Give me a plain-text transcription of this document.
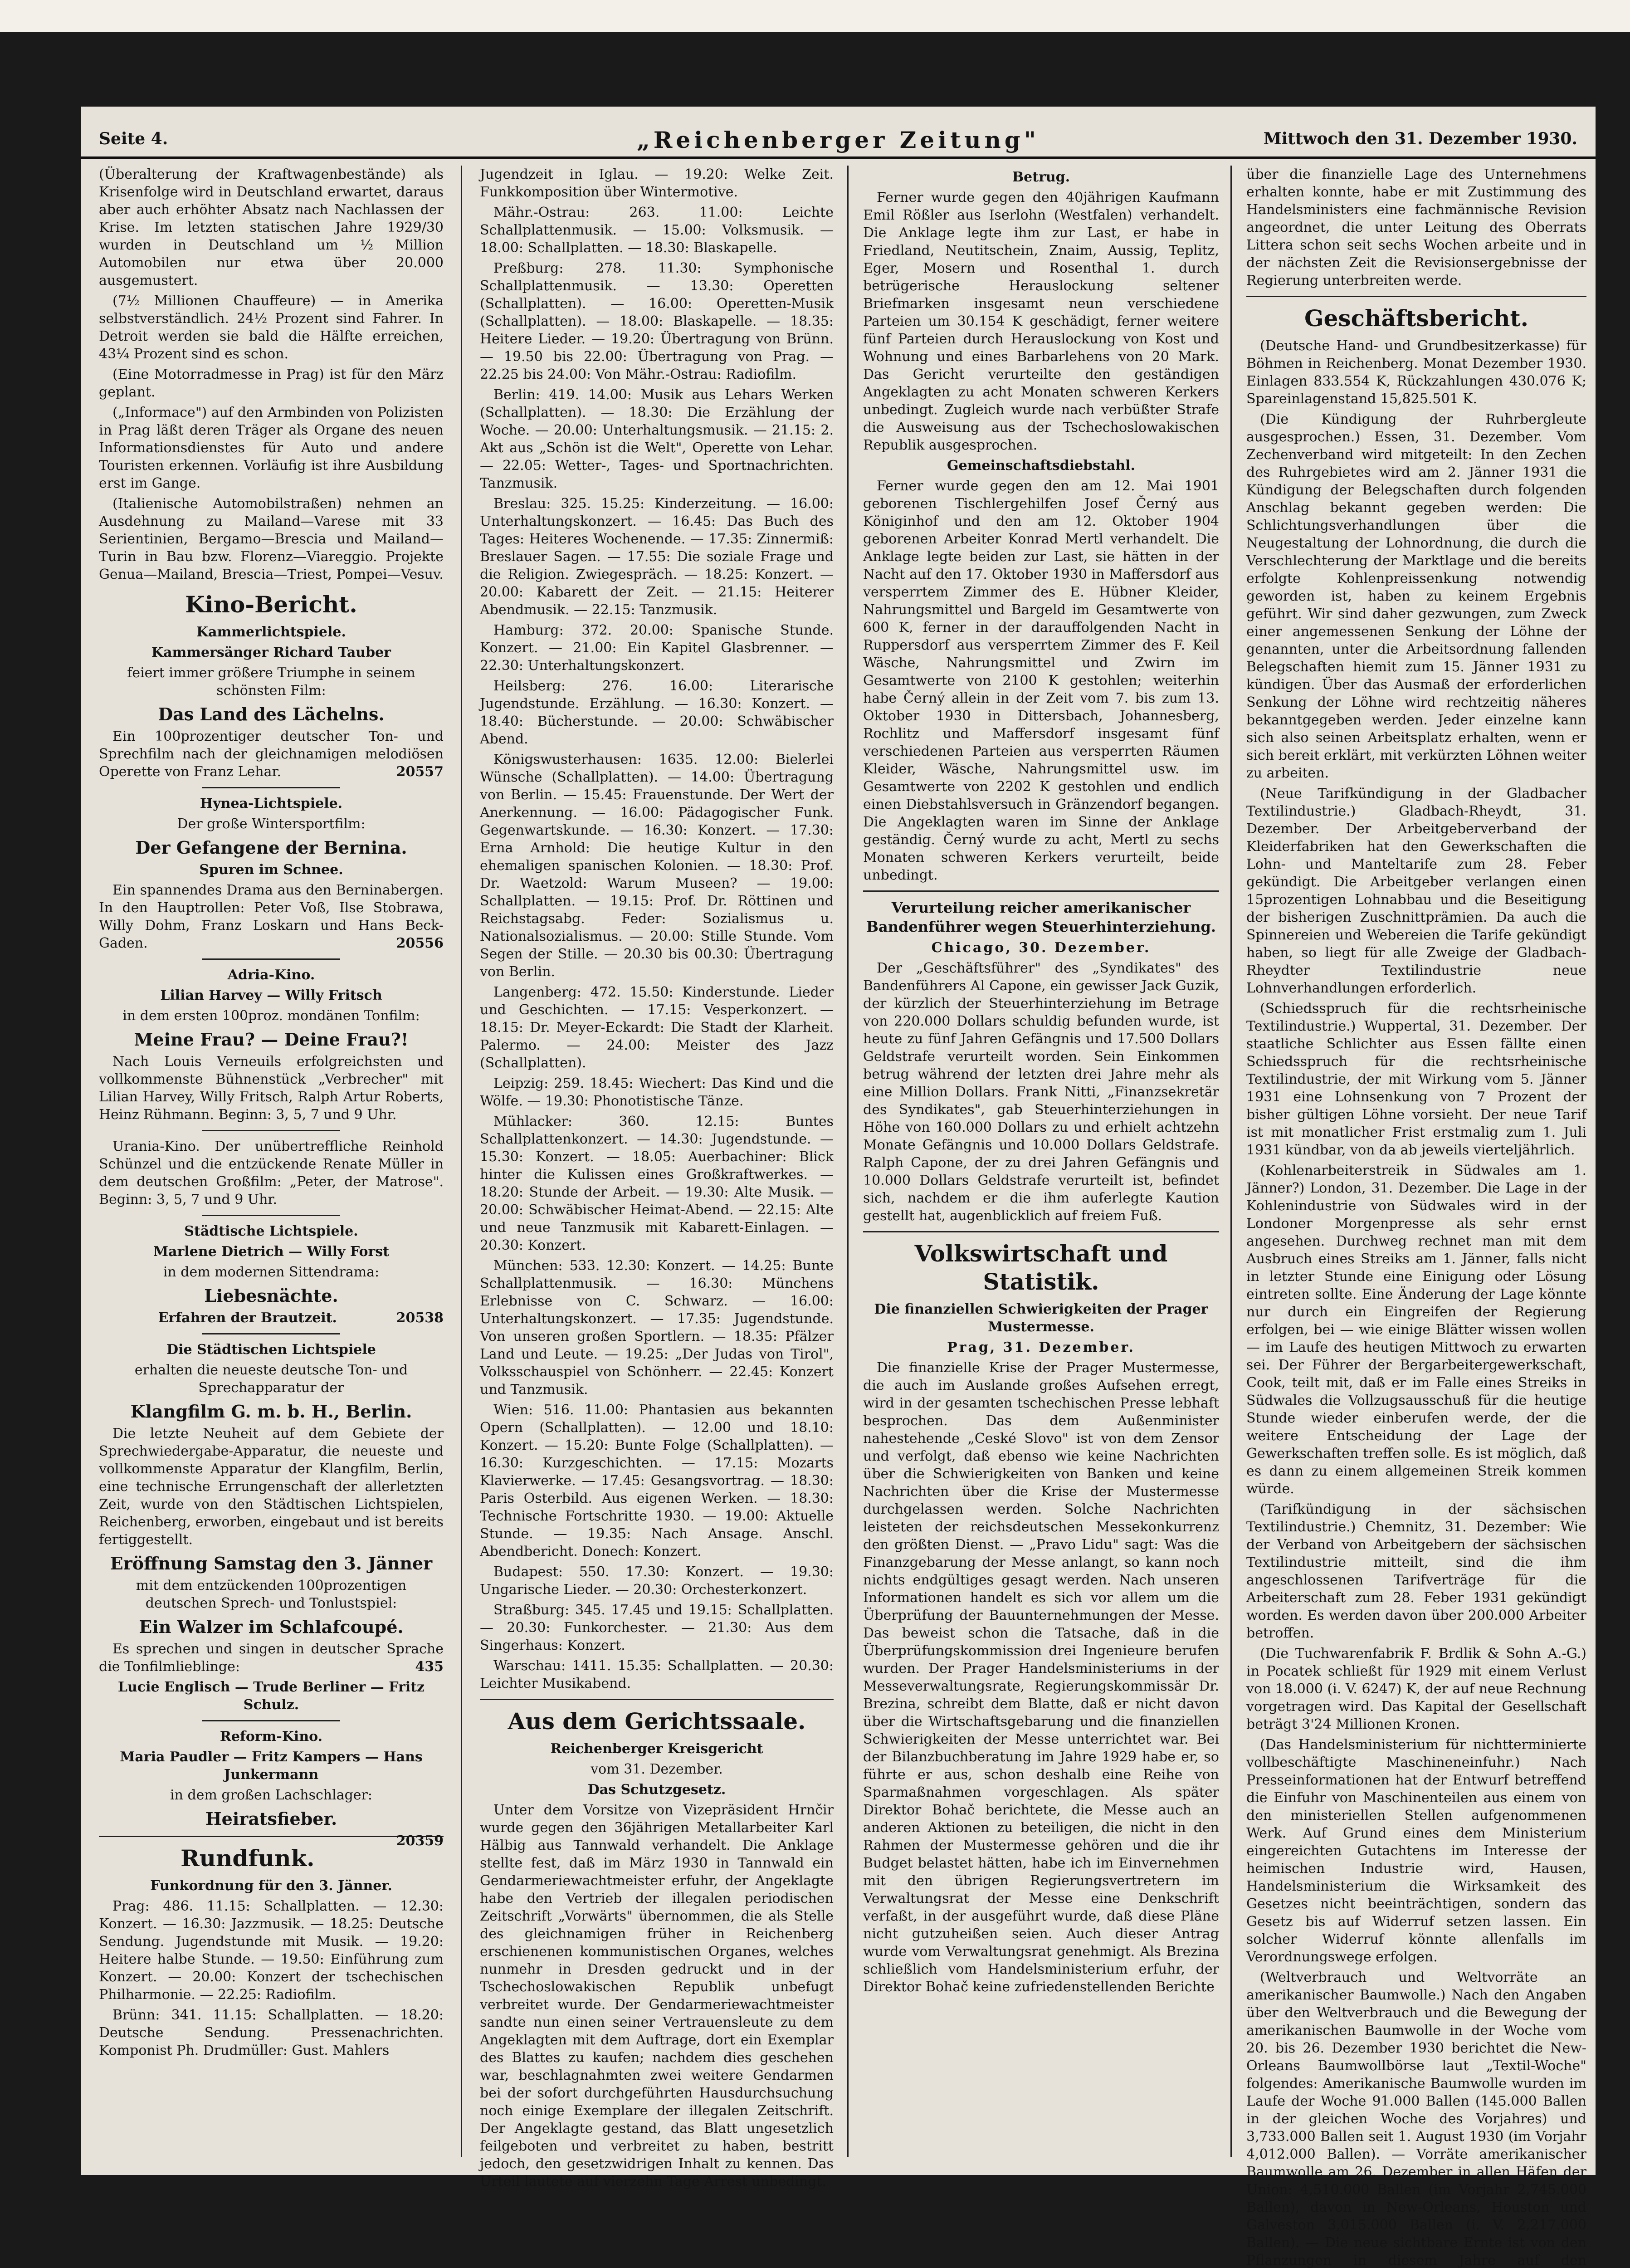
Seite 4.	„Reichenberger Zeitung"	Mittwoch den 31. Dezember 1930.

(Überalterung der Kraftwagenbestände) als Krisenfolge wird in Deutschland erwartet, daraus aber auch erhöhter Absatz nach Nachlassen der Krise. Im letzten statischen Jahre 1929/30 wurden in Deutschland um ½ Million Automobilen nur etwa über 20.000 ausgemustert.

(7½ Millionen Chauffeure) — in Amerika selbstverständlich. 24½ Prozent sind Fahrer. In Detroit werden sie bald die Hälfte erreichen, 43¼ Prozent sind es schon.

(Eine Motorradmesse in Prag) ist für den März geplant.

(„Informace") auf den Armbinden von Polizisten in Prag läßt deren Träger als Organe des neuen Informationsdienstes für Auto und andere Touristen erkennen. Vorläufig ist ihre Ausbildung erst im Gange.

(Italienische Automobilstraßen) nehmen an Ausdehnung zu Mailand—Varese mit 33 Serientinien, Bergamo—Brescia und Mailand—Turin in Bau bzw. Florenz—Viareggio. Projekte Genua—Mailand, Brescia—Triest, Pompei—Vesuv.

Kino-Bericht.
Kammerlichtspiele.

Kammersänger Richard Tauber

feiert immer größere Triumphe in seinem schönsten Film:

Das Land des Lächelns.

Ein 100prozentiger deutscher Ton- und Sprechfilm nach der gleichnamigen melodiösen Operette von Franz Lehar.	20557

Hynea-Lichtspiele.

Der große Wintersportfilm:

Der Gefangene der Bernina.

Spuren im Schnee.

Ein spannendes Drama aus den Berninabergen. In den Hauptrollen: Peter Voß, Ilse Stobrawa, Willy Dohm, Franz Loskarn und Hans Beck-Gaden.	20556

Adria-Kino.

Lilian Harvey — Willy Fritsch

in dem ersten 100proz. mondänen Tonfilm:

Meine Frau? — Deine Frau?!

Nach Louis Verneuils erfolgreichsten und vollkommenste Bühnenstück „Verbrecher" mit Lilian Harvey, Willy Fritsch, Ralph Artur Roberts, Heinz Rühmann. Beginn: 3, 5, 7 und 9 Uhr.

Urania-Kino. Der unübertreffliche Reinhold Schünzel und die entzückende Renate Müller in dem deutschen Großfilm: „Peter, der Matrose". Beginn: 3, 5, 7 und 9 Uhr.

Städtische Lichtspiele.

Marlene Dietrich — Willy Forst

in dem modernen Sittendrama:

Liebesnächte.

Erfahren der Brautzeit.	20538

Die Städtischen Lichtspiele

erhalten die neueste deutsche Ton- und Sprechapparatur der

Klangfilm G. m. b. H., Berlin.

Die letzte Neuheit auf dem Gebiete der Sprechwiedergabe-Apparatur, die neueste und vollkommenste Apparatur der Klangfilm, Berlin, eine technische Errungenschaft der allerletzten Zeit, wurde von den Städtischen Lichtspielen, Reichenberg, erworben, eingebaut und ist bereits fertiggestellt.

Eröffnung Samstag den 3. Jänner

mit dem entzückenden 100prozentigen deutschen Sprech- und Tonlustspiel:

Ein Walzer im Schlafcoupé.

Es sprechen und singen in deutscher Sprache die Tonfilmlieblinge:	435

Lucie Englisch — Trude Berliner — Fritz Schulz.

Reform-Kino.

Maria Paudler — Fritz Kampers — Hans Junkermann

in dem großen Lachschlager:

Heiratsfieber.

20359

Rundfunk.
Funkordnung für den 3. Jänner.

Prag: 486. 11.15: Schallplatten. — 12.30: Konzert. — 16.30: Jazzmusik. — 18.25: Deutsche Sendung. Jugendstunde mit Musik. — 19.20: Heitere halbe Stunde. — 19.50: Einführung zum Konzert. — 20.00: Konzert der tschechischen Philharmonie. — 22.25: Radiofilm.

Brünn: 341. 11.15: Schallplatten. — 18.20: Deutsche Sendung. Pressenachrichten. Komponist Ph. Drudmüller: Gust. Mahlers

Jugendzeit in Iglau. — 19.20: Welke Zeit. Funkkomposition über Wintermotive.

Mähr.-Ostrau: 263. 11.00: Leichte Schallplattenmusik. — 15.00: Volksmusik. — 18.00: Schallplatten. — 18.30: Blaskapelle.

Preßburg: 278. 11.30: Symphonische Schallplattenmusik. — 13.30: Operetten (Schallplatten). — 16.00: Operetten-Musik (Schallplatten). — 18.00: Blaskapelle. — 18.35: Heitere Lieder. — 19.20: Übertragung von Brünn. — 19.50 bis 22.00: Übertragung von Prag. — 22.25 bis 24.00: Von Mähr.-Ostrau: Radiofilm.

Berlin: 419. 14.00: Musik aus Lehars Werken (Schallplatten). — 18.30: Die Erzählung der Woche. — 20.00: Unterhaltungsmusik. — 21.15: 2. Akt aus „Schön ist die Welt", Operette von Lehar. — 22.05: Wetter-, Tages- und Sportnachrichten. Tanzmusik.

Breslau: 325. 15.25: Kinderzeitung. — 16.00: Unterhaltungskonzert. — 16.45: Das Buch des Tages: Heiteres Wochenende. — 17.35: Zinnermiß: Breslauer Sagen. — 17.55: Die soziale Frage und die Religion. Zwiegespräch. — 18.25: Konzert. — 20.00: Kabarett der Zeit. — 21.15: Heiterer Abendmusik. — 22.15: Tanzmusik.

Hamburg: 372. 20.00: Spanische Stunde. Konzert. — 21.00: Ein Kapitel Glasbrenner. — 22.30: Unterhaltungskonzert.

Heilsberg: 276. 16.00: Literarische Jugendstunde. Erzählung. — 16.30: Konzert. — 18.40: Bücherstunde. — 20.00: Schwäbischer Abend.

Königswusterhausen: 1635. 12.00: Bielerlei Wünsche (Schallplatten). — 14.00: Übertragung von Berlin. — 15.45: Frauenstunde. Der Wert der Anerkennung. — 16.00: Pädagogischer Funk. Gegenwartskunde. — 16.30: Konzert. — 17.30: Erna Arnhold: Die heutige Kultur in den ehemaligen spanischen Kolonien. — 18.30: Prof. Dr. Waetzold: Warum Museen? — 19.00: Schallplatten. — 19.15: Prof. Dr. Röttinen und Reichstagsabg. Feder: Sozialismus u. Nationalsozialismus. — 20.00: Stille Stunde. Vom Segen der Stille. — 20.30 bis 00.30: Übertragung von Berlin.

Langenberg: 472. 15.50: Kinderstunde. Lieder und Geschichten. — 17.15: Vesperkonzert. — 18.15: Dr. Meyer-Eckardt: Die Stadt der Klarheit. Palermo. — 24.00: Meister des Jazz (Schallplatten).

Leipzig: 259. 18.45: Wiechert: Das Kind und die Wölfe. — 19.30: Phonotistische Tänze.

Mühlacker: 360. 12.15: Buntes Schallplattenkonzert. — 14.30: Jugendstunde. — 15.30: Konzert. — 18.05: Auerbachiner: Blick hinter die Kulissen eines Großkraftwerkes. — 18.20: Stunde der Arbeit. — 19.30: Alte Musik. — 20.00: Schwäbischer Heimat-Abend. — 22.15: Alte und neue Tanzmusik mit Kabarett-Einlagen. — 20.30: Konzert.

München: 533. 12.30: Konzert. — 14.25: Bunte Schallplattenmusik. — 16.30: Münchens Erlebnisse von C. Schwarz. — 16.00: Unterhaltungskonzert. — 17.35: Jugendstunde. Von unseren großen Sportlern. — 18.35: Pfälzer Land und Leute. — 19.25: „Der Judas von Tirol", Volksschauspiel von Schönherr. — 22.45: Konzert und Tanzmusik.

Wien: 516. 11.00: Phantasien aus bekannten Opern (Schallplatten). — 12.00 und 18.10: Konzert. — 15.20: Bunte Folge (Schallplatten). — 16.30: Kurzgeschichten. — 17.15: Mozarts Klavierwerke. — 17.45: Gesangsvortrag. — 18.30: Paris Osterbild. Aus eigenen Werken. — 18.30: Technische Fortschritte 1930. — 19.00: Aktuelle Stunde. — 19.35: Nach Ansage. Anschl. Abendbericht. Donech: Konzert.

Budapest: 550. 17.30: Konzert. — 19.30: Ungarische Lieder. — 20.30: Orchesterkonzert.

Straßburg: 345. 17.45 und 19.15: Schallplatten. — 20.30: Funkorchester. — 21.30: Aus dem Singerhaus: Konzert.

Warschau: 1411. 15.35: Schallplatten. — 20.30: Leichter Musikabend.

Aus dem Gerichtssaale.
Reichenberger Kreisgericht
vom 31. Dezember.
Das Schutzgesetz.

Unter dem Vorsitze von Vizepräsident Hrnčir wurde gegen den 36jährigen Metallarbeiter Karl Hälbig aus Tannwald verhandelt. Die Anklage stellte fest, daß im März 1930 in Tannwald ein Gendarmeriewachtmeister erfuhr, der Angeklagte habe den Vertrieb der illegalen periodischen Zeitschrift „Vorwärts" übernommen, die als Stelle des gleichnamigen früher in Reichenberg erschienenen kommunistischen Organes, welches nunmehr in Dresden gedruckt und in der Tschechoslowakischen Republik unbefugt verbreitet wurde. Der Gendarmeriewachtmeister sandte nun einen seiner Vertrauensleute zu dem Angeklagten mit dem Auftrage, dort ein Exemplar des Blattes zu kaufen; nachdem dies geschehen war, beschlagnahmten zwei weitere Gendarmen bei der sofort durchgeführten Hausdurchsuchung noch einige Exemplare der illegalen Zeitschrift. Der Angeklagte gestand, das Blatt ungesetzlich feilgeboten und verbreitet zu haben, bestritt jedoch, den gesetzwidrigen Inhalt zu kennen. Das Urteil lautete auf vierzehn Tage Arrest unbedingt.

Betrug.

Ferner wurde gegen den 40jährigen Kaufmann Emil Rößler aus Iserlohn (Westfalen) verhandelt. Die Anklage legte ihm zur Last, er habe in Friedland, Neutitschein, Znaim, Aussig, Teplitz, Eger, Mosern und Rosenthal 1. durch betrügerische Herauslockung seltener Briefmarken insgesamt neun verschiedene Parteien um 30.154 K geschädigt, ferner weitere fünf Parteien durch Herauslockung von Kost und Wohnung und eines Barbarlehens von 20 Mark. Das Gericht verurteilte den geständigen Angeklagten zu acht Monaten schweren Kerkers unbedingt. Zugleich wurde nach verbüßter Strafe die Ausweisung aus der Tschechoslowakischen Republik ausgesprochen.

Gemeinschaftsdiebstahl.

Ferner wurde gegen den am 12. Mai 1901 geborenen Tischlergehilfen Josef Černý aus Königinhof und den am 12. Oktober 1904 geborenen Arbeiter Konrad Mertl verhandelt. Die Anklage legte beiden zur Last, sie hätten in der Nacht auf den 17. Oktober 1930 in Maffersdorf aus versperrtem Zimmer des E. Hübner Kleider, Nahrungsmittel und Bargeld im Gesamtwerte von 600 K, ferner in der darauffolgenden Nacht in Ruppersdorf aus versperrtem Zimmer des F. Keil Wäsche, Nahrungsmittel und Zwirn im Gesamtwerte von 2100 K gestohlen; weiterhin habe Černý allein in der Zeit vom 7. bis zum 13. Oktober 1930 in Dittersbach, Johannesberg, Rochlitz und Maffersdorf insgesamt fünf verschiedenen Parteien aus versperrten Räumen Kleider, Wäsche, Nahrungsmittel usw. im Gesamtwerte von 2202 K gestohlen und endlich einen Diebstahlsversuch in Gränzendorf begangen. Die Angeklagten waren im Sinne der Anklage geständig. Černý wurde zu acht, Mertl zu sechs Monaten schweren Kerkers verurteilt, beide unbedingt.

Verurteilung reicher amerikanischer Bandenführer wegen Steuerhinterziehung.

Chicago, 30. Dezember.

Der „Geschäftsführer" des „Syndikates" des Bandenführers Al Capone, ein gewisser Jack Guzik, der kürzlich der Steuerhinterziehung im Betrage von 220.000 Dollars schuldig befunden wurde, ist heute zu fünf Jahren Gefängnis und 17.500 Dollars Geldstrafe verurteilt worden. Sein Einkommen betrug während der letzten drei Jahre mehr als eine Million Dollars. Frank Nitti, „Finanzsekretär des Syndikates", gab Steuerhinterziehungen in Höhe von 160.000 Dollars zu und erhielt achtzehn Monate Gefängnis und 10.000 Dollars Geldstrafe. Ralph Capone, der zu drei Jahren Gefängnis und 10.000 Dollars Geldstrafe verurteilt ist, befindet sich, nachdem er die ihm auferlegte Kaution gestellt hat, augenblicklich auf freiem Fuß.

Volkswirtschaft und Statistik.
Die finanziellen Schwierigkeiten der Prager Mustermesse.

Prag, 31. Dezember.

Die finanzielle Krise der Prager Mustermesse, die auch im Auslande großes Aufsehen erregt, wird in der gesamten tschechischen Presse lebhaft besprochen. Das dem Außenminister nahestehende „Ceské Slovo" ist von dem Zensor und verfolgt, daß ebenso wie keine Nachrichten über die Schwierigkeiten von Banken und keine Nachrichten über die Krise der Mustermesse durchgelassen werden. Solche Nachrichten leisteten der reichsdeutschen Messekonkurrenz den größten Dienst. — „Pravo Lidu" sagt: Was die Finanzgebarung der Messe anlangt, so kann noch nichts endgültiges gesagt werden. Nach unseren Informationen handelt es sich vor allem um die Überprüfung der Bauunternehmungen der Messe. Das beweist schon die Tatsache, daß in die Überprüfungskommission drei Ingenieure berufen wurden. Der Prager Handelsministeriums in der Messeverwaltungsrate, Regierungskommissär Dr. Brezina, schreibt dem Blatte, daß er nicht davon über die Wirtschaftsgebarung und die finanziellen Schwierigkeiten der Messe unterrichtet war. Bei der Bilanzbuchberatung im Jahre 1929 habe er, so führte er aus, schon deshalb eine Reihe von Sparmaßnahmen vorgeschlagen. Als später Direktor Bohač berichtete, die Messe auch an anderen Aktionen zu beteiligen, die nicht in den Rahmen der Mustermesse gehören und die ihr Budget belastet hätten, habe ich im Einvernehmen mit den übrigen Regierungsvertretern im Verwaltungsrat der Messe eine Denkschrift verfaßt, in der ausgeführt wurde, daß diese Pläne nicht gutzuheißen seien. Auch dieser Antrag wurde vom Verwaltungsrat genehmigt. Als Brezina schließlich vom Handelsministerium erfuhr, der Direktor Bohač keine zufriedenstellenden Berichte

über die finanzielle Lage des Unternehmens erhalten konnte, habe er mit Zustimmung des Handelsministers eine fachmännische Revision angeordnet, die unter Leitung des Oberrats Littera schon seit sechs Wochen arbeite und in der nächsten Zeit die Revisionsergebnisse der Regierung unterbreiten werde.

Geschäftsbericht.

(Deutsche Hand- und Grundbesitzerkasse) für Böhmen in Reichenberg. Monat Dezember 1930. Einlagen 833.554 K, Rückzahlungen 430.076 K; Spareinlagenstand 15,825.501 K.

(Die Kündigung der Ruhrbergleute ausgesprochen.) Essen, 31. Dezember. Vom Zechenverband wird mitgeteilt: In den Zechen des Ruhrgebietes wird am 2. Jänner 1931 die Kündigung der Belegschaften durch folgenden Anschlag bekannt gegeben werden: Die Schlichtungsverhandlungen über die Neugestaltung der Lohnordnung, die durch die Verschlechterung der Marktlage und die bereits erfolgte Kohlenpreissenkung notwendig geworden ist, haben zu keinem Ergebnis geführt. Wir sind daher gezwungen, zum Zweck einer angemessenen Senkung der Löhne der genannten, unter die Arbeitsordnung fallenden Belegschaften hiemit zum 15. Jänner 1931 zu kündigen. Über das Ausmaß der erforderlichen Senkung der Löhne wird rechtzeitig näheres bekanntgegeben werden. Jeder einzelne kann sich also seinen Arbeitsplatz erhalten, wenn er sich bereit erklärt, mit verkürzten Löhnen weiter zu arbeiten.

(Neue Tarifkündigung in der Gladbacher Textilindustrie.) Gladbach-Rheydt, 31. Dezember. Der Arbeitgeberverband der Kleiderfabriken hat den Gewerkschaften die Lohn- und Manteltarife zum 28. Feber gekündigt. Die Arbeitgeber verlangen einen 15prozentigen Lohnabbau und die Beseitigung der bisherigen Zuschnittprämien. Da auch die Spinnereien und Webereien die Tarife gekündigt haben, so liegt für alle Zweige der Gladbach-Rheydter Textilindustrie neue Lohnverhandlungen erforderlich.

(Schiedsspruch für die rechtsrheinische Textilindustrie.) Wuppertal, 31. Dezember. Der staatliche Schlichter aus Essen fällte einen Schiedsspruch für die rechtsrheinische Textilindustrie, der mit Wirkung vom 5. Jänner 1931 eine Lohnsenkung von 7 Prozent der bisher gültigen Löhne vorsieht. Der neue Tarif ist mit monatlicher Frist erstmalig zum 1. Juli 1931 kündbar, von da ab jeweils vierteljährlich.

(Kohlenarbeiterstreik in Südwales am 1. Jänner?) London, 31. Dezember. Die Lage in der Kohlenindustrie von Südwales wird in der Londoner Morgenpresse als sehr ernst angesehen. Durchweg rechnet man mit dem Ausbruch eines Streiks am 1. Jänner, falls nicht in letzter Stunde eine Einigung oder Lösung eintreten sollte. Eine Änderung der Lage könnte nur durch ein Eingreifen der Regierung erfolgen, bei — wie einige Blätter wissen wollen — im Laufe des heutigen Mittwoch zu erwarten sei. Der Führer der Bergarbeitergewerkschaft, Cook, teilt mit, daß er im Falle eines Streiks in Südwales die Vollzugsausschuß für die heutige Stunde wieder einberufen werde, der die weitere Entscheidung der Lage der Gewerkschaften treffen solle. Es ist möglich, daß es dann zu einem allgemeinen Streik kommen würde.

(Tarifkündigung in der sächsischen Textilindustrie.) Chemnitz, 31. Dezember: Wie der Verband von Arbeitgebern der sächsischen Textilindustrie mitteilt, sind die ihm angeschlossenen Tarifverträge für die Arbeiterschaft zum 28. Feber 1931 gekündigt worden. Es werden davon über 200.000 Arbeiter betroffen.

(Die Tuchwarenfabrik F. Brdlik & Sohn A.-G.) in Pocatek schließt für 1929 mit einem Verlust von 18.000 (i. V. 6247) K, der auf neue Rechnung vorgetragen wird. Das Kapital der Gesellschaft beträgt 3'24 Millionen Kronen.

(Das Handelsministerium für nichtterminierte vollbeschäftigte Maschineneinfuhr.) Nach Presseinformationen hat der Entwurf betreffend die Einfuhr von Maschinenteilen aus einem von den ministeriellen Stellen aufgenommenen Werk. Auf Grund eines dem Ministerium eingereichten Gutachtens im Interesse der heimischen Industrie wird, Hausen, Handelsministerium die Wirksamkeit des Gesetzes nicht beeinträchtigen, sondern das Gesetz bis auf Widerruf setzen lassen. Ein solcher Widerruf könnte allenfalls im Verordnungswege erfolgen.

(Weltverbrauch und Weltvorräte an amerikanischer Baumwolle.) Nach den Angaben über den Weltverbrauch und die Bewegung der amerikanischen Baumwolle in der Woche vom 20. bis 26. Dezember 1930 berichtet die New-Orleans Baumwollbörse laut „Textil-Woche" folgendes: Amerikanische Baumwolle wurden im Laufe der Woche 91.000 Ballen (145.000 Ballen in der gleichen Woche des Vorjahres) und 3,733.000 Ballen seit 1. August 1930 (im Vorjahr 4,012.000 Ballen). — Vorräte amerikanischer Baumwolle am 26. Dezember in allen Häfen der Union: 4,510.000 Ballen (im Vorjahr 2,745.000 Ballen), davon in New-Orleans, Houston und Galveston 3,015.000 Ballen (i. V. 2,217.000 Ballen). — Die neue sichtbare Ernte ist von den Pflanzungen in diesem Jahre auf den
